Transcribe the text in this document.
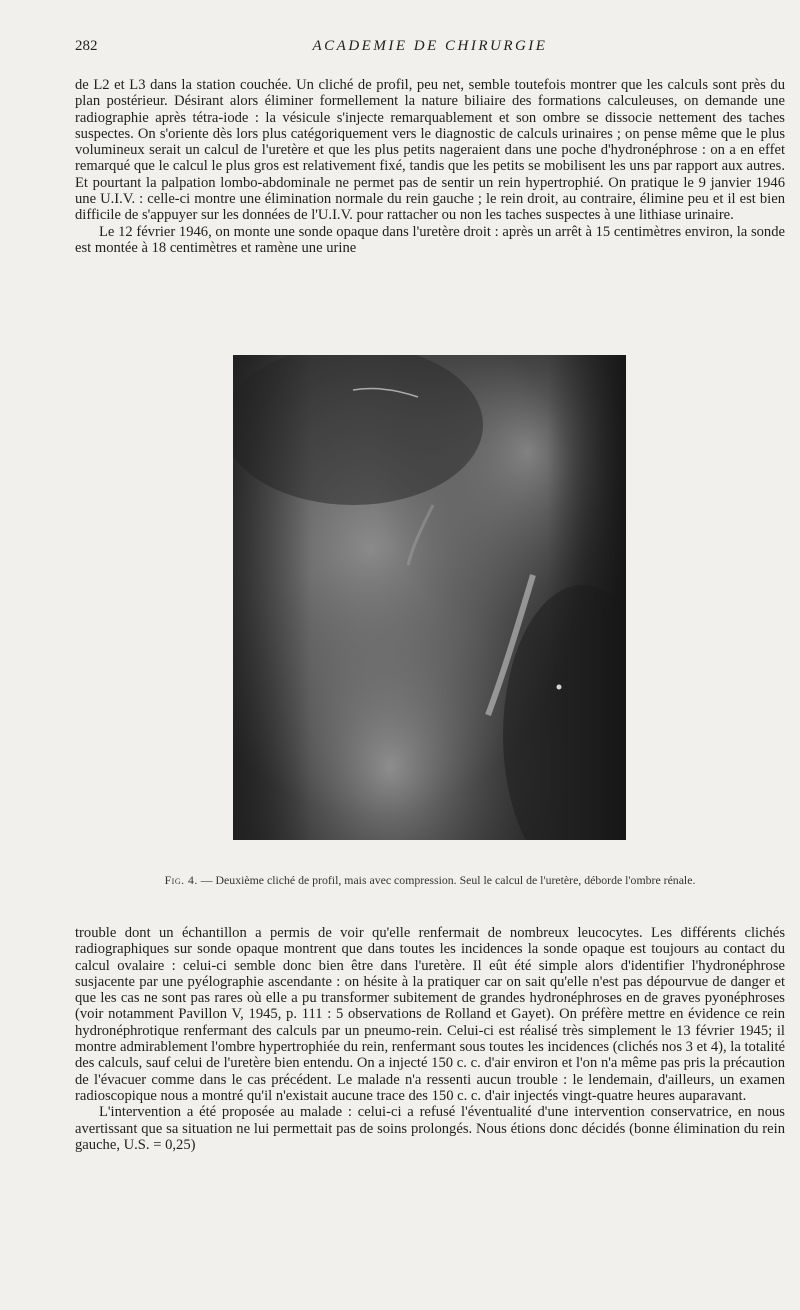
282	ACADEMIE DE CHIRURGIE

de L2 et L3 dans la station couchée. Un cliché de profil, peu net, semble toutefois montrer que les calculs sont près du plan postérieur. Désirant alors éliminer formellement la nature biliaire des formations calculeuses, on demande une radiographie après tétra-iode : la vésicule s'injecte remarquablement et son ombre se dissocie nettement des taches suspectes. On s'oriente dès lors plus catégoriquement vers le diagnostic de calculs urinaires ; on pense même que le plus volumineux serait un calcul de l'uretère et que les plus petits nageraient dans une poche d'hydronéphrose : on a en effet remarqué que le calcul le plus gros est relativement fixé, tandis que les petits se mobilisent les uns par rapport aux autres. Et pourtant la palpation lombo-abdominale ne permet pas de sentir un rein hypertrophié. On pratique le 9 janvier 1946 une U.I.V. : celle-ci montre une élimination normale du rein gauche ; le rein droit, au contraire, élimine peu et il est bien difficile de s'appuyer sur les données de l'U.I.V. pour rattacher ou non les taches suspectes à une lithiase urinaire.

Le 12 février 1946, on monte une sonde opaque dans l'uretère droit : après un arrêt à 15 centimètres environ, la sonde est montée à 18 centimètres et ramène une urine

Fig. 4. — Deuxième cliché de profil, mais avec compression. Seul le calcul de l'uretère, déborde l'ombre rénale.

trouble dont un échantillon a permis de voir qu'elle renfermait de nombreux leucocytes. Les différents clichés radiographiques sur sonde opaque montrent que dans toutes les incidences la sonde opaque est toujours au contact du calcul ovalaire : celui-ci semble donc bien être dans l'uretère. Il eût été simple alors d'identifier l'hydronéphrose susjacente par une pyélographie ascendante : on hésite à la pratiquer car on sait qu'elle n'est pas dépourvue de danger et que les cas ne sont pas rares où elle a pu transformer subitement de grandes hydronéphroses en de graves pyonéphroses (voir notamment Pavillon V, 1945, p. 111 : 5 observations de Rolland et Gayet). On préfère mettre en évidence ce rein hydronéphrotique renfermant des calculs par un pneumo-rein. Celui-ci est réalisé très simplement le 13 février 1945; il montre admirablement l'ombre hypertrophiée du rein, renfermant sous toutes les incidences (clichés nos 3 et 4), la totalité des calculs, sauf celui de l'uretère bien entendu. On a injecté 150 c. c. d'air environ et l'on n'a même pas pris la précaution de l'évacuer comme dans le cas précédent. Le malade n'a ressenti aucun trouble : le lendemain, d'ailleurs, un examen radioscopique nous a montré qu'il n'existait aucune trace des 150 c. c. d'air injectés vingt-quatre heures auparavant.

L'intervention a été proposée au malade : celui-ci a refusé l'éventualité d'une intervention conservatrice, en nous avertissant que sa situation ne lui permettait pas de soins prolongés. Nous étions donc décidés (bonne élimination du rein gauche, U.S. = 0,25)
